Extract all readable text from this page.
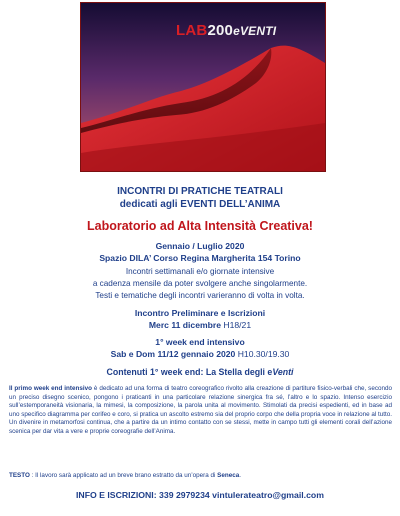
LAB200eVENTI
INCONTRI DI PRATICHE TEATRALI
dedicati agli EVENTI DELL’ANIMA
Laboratorio ad Alta Intensità Creativa!
Gennaio / Luglio 2020
Spazio DILA’ Corso Regina Margherita 154 Torino
Incontri settimanali e/o giornate intensive
a cadenza mensile da poter svolgere anche singolarmente.
Testi e tematiche degli incontri varieranno di volta in volta.
Incontro Preliminare e Iscrizioni
Merc 11 dicembre H18/21
1° week end intensivo
Sab e Dom 11/12 gennaio 2020 H10.30/19.30
Contenuti 1° week end: La Stella degli eVenti
Il primo week end intensivo è dedicato ad una forma di teatro coreografico rivolto alla creazione di partiture fisico-verbali che, secondo un preciso disegno scenico, pongono i praticanti in una particolare relazione sinergica fra sé, l’altro e lo spazio. Intenso esercizio sull’estemporaneità visionaria, la mimesi, la composizione, la parola unita al movimento. Stimolati da precisi espedienti, ed in base ad uno specifico diagramma per corifeo e coro, si pratica un ascolto estremo sia del proprio corpo che della propria voce in relazione al tutto. Un divenire in metamorfosi continua, che a partire da un intimo contatto con se stessi, mette in campo tutti gli elementi corali dell’azione scenica per dar vita a vere e proprie coreografie dell’Anima.
TESTO : Il lavoro sarà applicato ad un breve brano estratto da un’opera di Seneca.
INFO E ISCRIZIONI: 339 2979234 vintulerateatro@gmail.com
